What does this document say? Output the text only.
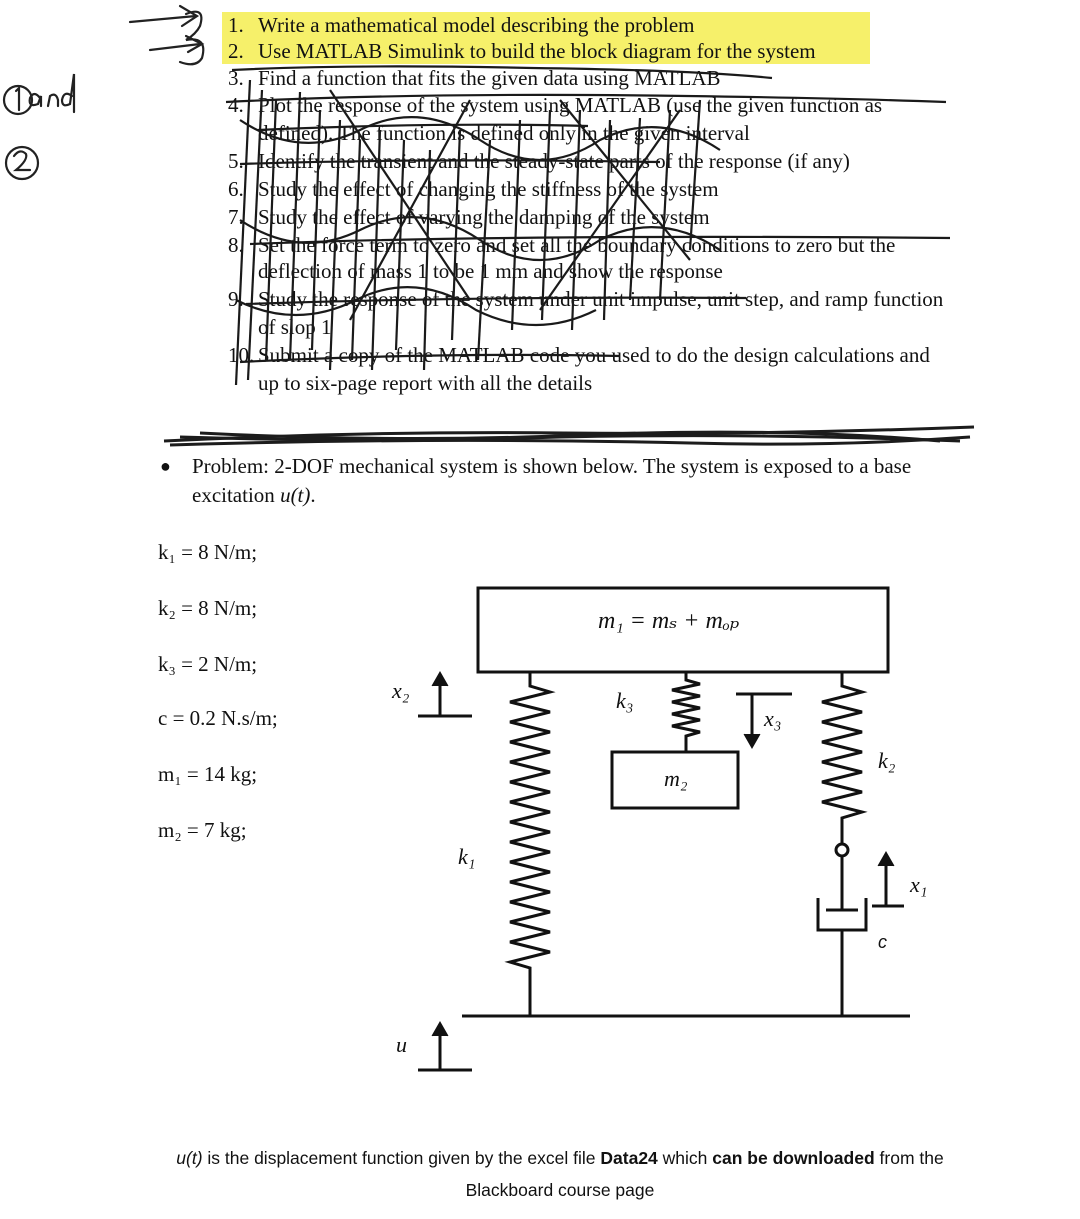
1. Write a mathematical model describing the problem
2. Use MATLAB Simulink to build the block diagram for the system
3. Find a function that fits the given data using MATLAB
4. Plot the response of the system using MATLAB (use the given function as
defined). The function is defined only in the given interval
5. Identify the transient and the steady-state parts of the response (if any)
6. Study the effect of changing the stiffness of the system
7. Study the effect of varying the damping of the system
8. Set the force term to zero and set all the boundary conditions to zero but the
deflection of mass 1 to be 1 mm and show the response
9. Study the response of the system under unit impulse, unit step, and ramp function
of slop 1
10. Submit a copy of the MATLAB code you used to do the design calculations and
up to six-page report with all the details
● Problem: 2-DOF mechanical system is shown below. The system is exposed to a base
excitation u(t).
k₁ = 8 N/m;
k₂ = 8 N/m;
k₃ = 2 N/m;
c = 0.2 N.s/m;
m₁ = 14 kg;
m₂ = 7 kg;
m₁ = mₛ + mₒₚ
m₂
x₂	k₃
x₃
k₂
k₁
x₁
c
u
u(t) is the displacement function given by the excel file Data24 which can be downloaded from the
Blackboard course page
